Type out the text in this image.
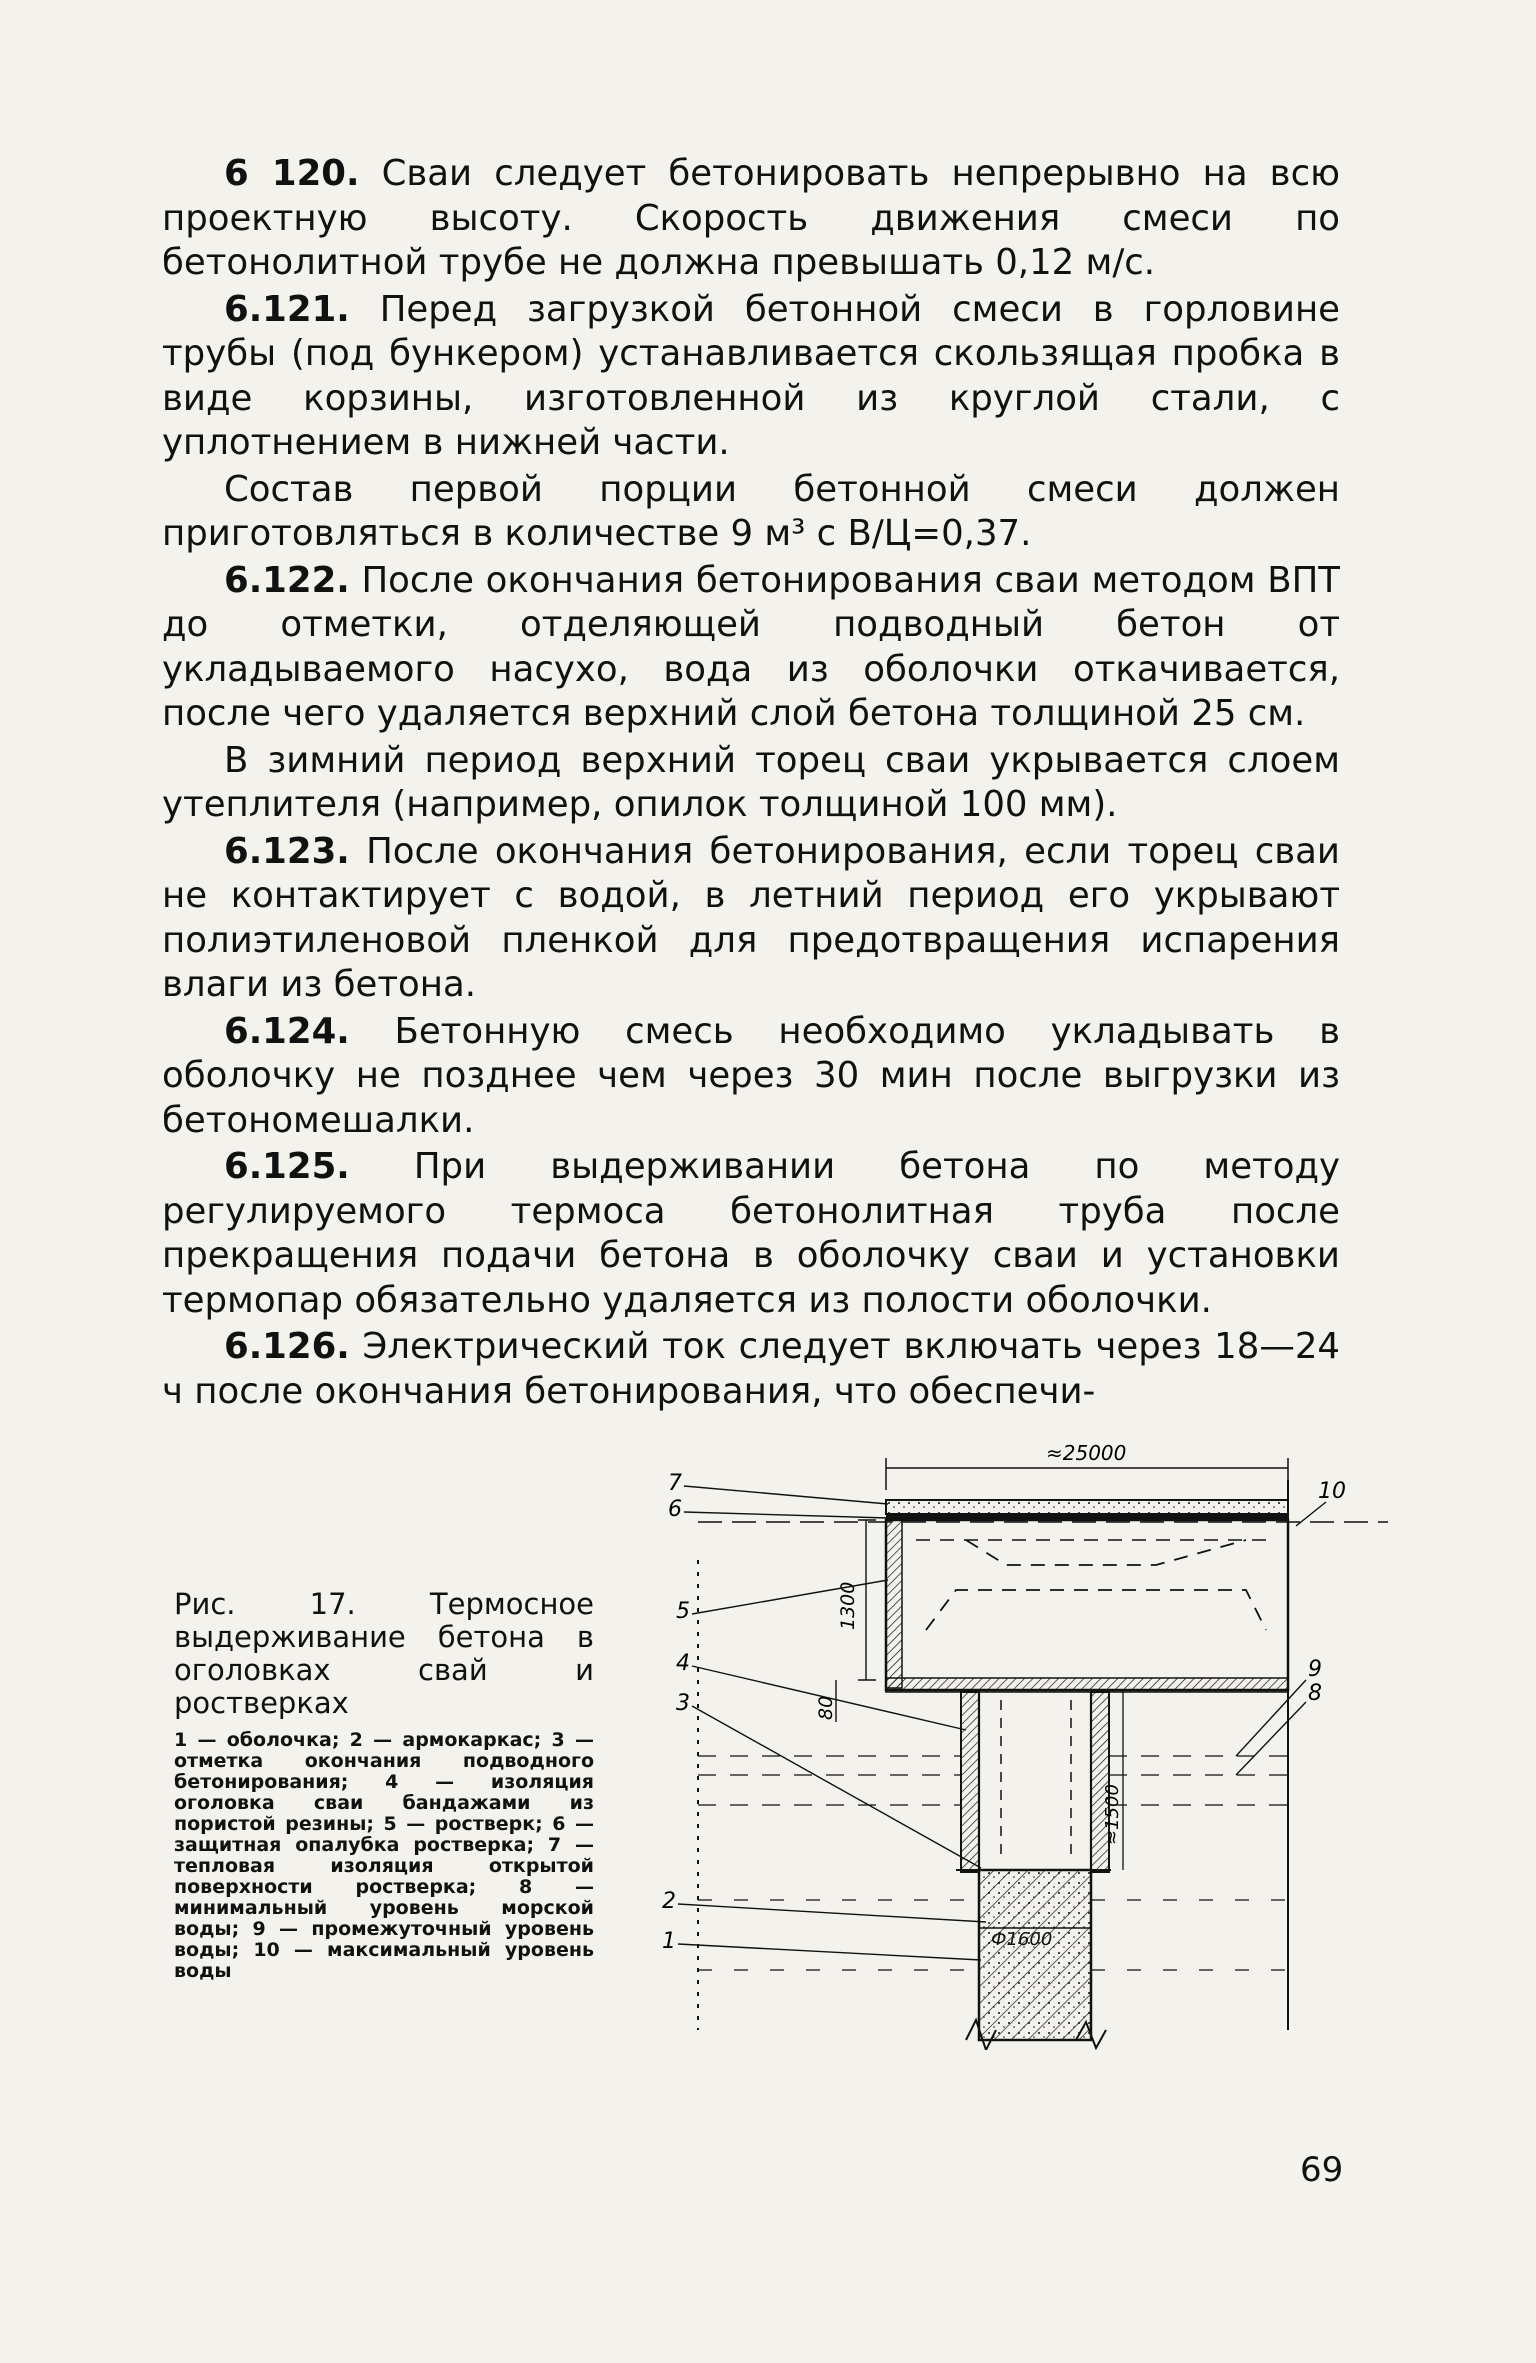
6 120. Сваи следует бетонировать непрерывно на всю проектную высоту. Скорость движения смеси по бетонолитной трубе не должна превышать 0,12 м/с.

6.121. Перед загрузкой бетонной смеси в горловине трубы (под бункером) устанавливается скользящая пробка в виде корзины, изготовленной из круглой стали, с уплотнением в нижней части.

Состав первой порции бетонной смеси должен приготовляться в количестве 9 м³ с В/Ц=0,37.

6.122. После окончания бетонирования сваи методом ВПТ до отметки, отделяющей подводный бетон от укладываемого насухо, вода из оболочки откачивается, после чего удаляется верхний слой бетона толщиной 25 см.

В зимний период верхний торец сваи укрывается слоем утеплителя (например, опилок толщиной 100 мм).

6.123. После окончания бетонирования, если торец сваи не контактирует с водой, в летний период его укрывают полиэтиленовой пленкой для предотвращения испарения влаги из бетона.

6.124. Бетонную смесь необходимо укладывать в оболочку не позднее чем через 30 мин после выгрузки из бетономешалки.

6.125. При выдерживании бетона по методу регулируемого термоса бетонолитная труба после прекращения подачи бетона в оболочку сваи и установки термопар обязательно удаляется из полости оболочки.

6.126. Электрический ток следует включать через 18—24 ч после окончания бетонирования, что обеспечи-

Рис. 17. Термосное выдерживание бетона в оголовках свай и ростверках
1 — оболочка; 2 — армокаркас; 3 — отметка окончания подводного бетонирования; 4 — изоляция оголовка сваи бандажами из пористой резины; 5 — ростверк; 6 — защитная опалубка ростверка; 7 — тепловая изоляция открытой поверхности ростверка; 8 — минимальный уровень морской воды; 9 — промежуточный уровень воды; 10 — максимальный уровень воды
≈25000
1300
80
≈1500
Ф1600
7
6
5
4
3
2
1
10
9
8
69
